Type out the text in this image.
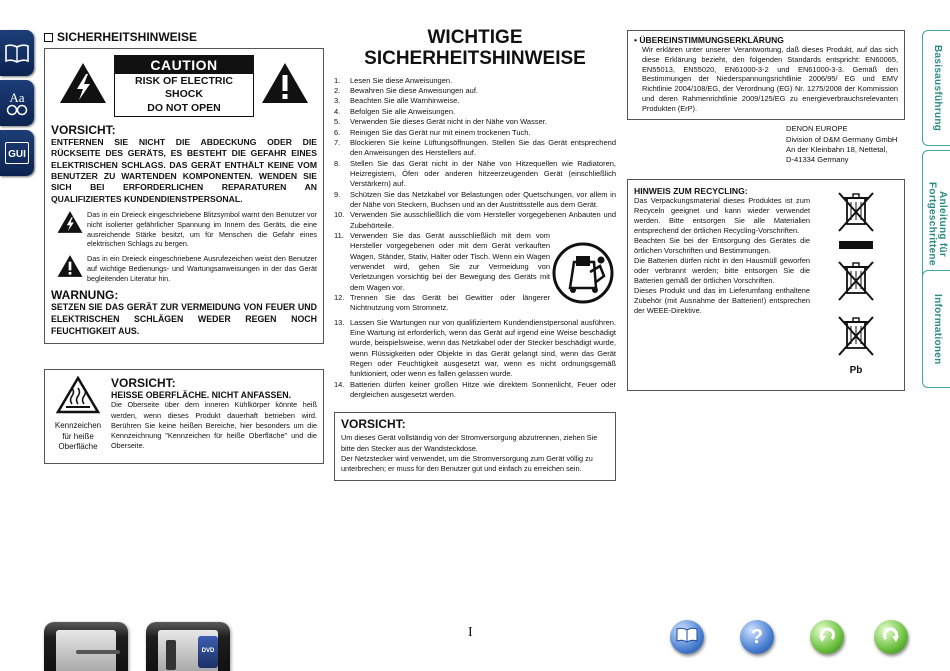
Aa
GUI
Basisausführung
Anleitung für Fortgeschrittene
Informationen
SICHERHEITSHINWEISE
CAUTION
RISK OF ELECTRIC SHOCK
DO NOT OPEN
VORSICHT:
ENTFERNEN SIE NICHT DIE ABDECKUNG ODER DIE RÜCKSEITE DES GERÄTS, ES BESTEHT DIE GEFAHR EINES ELEKTRISCHEN SCHLAGS. DAS GERÄT ENTHÄLT KEINE VOM BENUTZER ZU WARTENDEN KOMPONENTEN. WENDEN SIE SICH BEI ERFORDERLICHEN REPARATUREN AN QUALIFIZIERTES KUNDENDIENSTPERSONAL.

Das in ein Dreieck eingeschriebene Blitzsymbol warnt den Benutzer vor nicht isolierter gefährlicher Spannung im Innern des Geräts, die eine ausreichende Stärke besitzt, um für Menschen die Gefahr eines elektrischen Schlags zu bergen.

Das in ein Dreieck eingeschriebene Ausrufezeichen weist den Benutzer auf wichtige Bedienungs- und Wartungsanweisungen in der das Gerät begleitenden Literatur hin.

WARNUNG:
SETZEN SIE DAS GERÄT ZUR VERMEIDUNG VON FEUER UND ELEKTRISCHEN SCHLÄGEN WEDER REGEN NOCH FEUCHTIGKEIT AUS.
Kennzeichen für heiße Oberfläche
VORSICHT:
HEISSE OBERFLÄCHE. NICHT ANFASSEN.

Die Oberseite über dem inneren Kühlkörper könnte heiß werden, wenn dieses Produkt dauerhaft betrieben wird. Berühren Sie keine heißen Bereiche, hier besonders um die Kennzeichnung "Kennzeichen für heiße Oberfläche" und die Oberseite.

WICHTIGE
SICHERHEITSHINWEISE
1.	Lesen Sie diese Anweisungen.
2.	Bewahren Sie diese Anweisungen auf.
3.	Beachten Sie alle Warnhinweise.
4.	Befolgen Sie alle Anweisungen.
5.	Verwenden Sie dieses Gerät nicht in der Nähe von Wasser.
6.	Reinigen Sie das Gerät nur mit einem trockenen Tuch.
7.	Blockieren Sie keine Lüftungsöffnungen. Stellen Sie das Gerät entsprechend den Anweisungen des Herstellers auf.
8.	Stellen Sie das Gerät nicht in der Nähe von Hitzequellen wie Radiatoren, Heizregistern, Öfen oder anderen hitzeerzeugenden Gerät (einschließlich Verstärkern) auf.
9.	Schützen Sie das Netzkabel vor Belastungen oder Quetschungen, vor allem in der Nähe von Steckern, Buchsen und an der Austrittsstelle aus dem Gerät.
10. Verwenden Sie ausschließlich die vom Hersteller vorgegebenen Anbauten und Zubehörteile.
11. Verwenden Sie das Gerät ausschließlich mit dem vom Hersteller vorgegebenen oder mit dem Gerät verkauften Wagen, Ständer, Stativ, Halter oder Tisch. Wenn ein Wagen verwendet wird, gehen Sie zur Vermeidung von Verletzungen vorsichtig bei der Bewegung des Geräts mit dem Wagen vor.
12. Trennen Sie das Gerät bei Gewitter oder längerer Nichtnutzung vom Stromnetz.
13. Lassen Sie Wartungen nur von qualifiziertem Kundendienstpersonal ausführen. Eine Wartung ist erforderlich, wenn das Gerät auf irgend eine Weise beschädigt wurde, beispielsweise, wenn das Netzkabel oder der Stecker beschädigt wurde, wenn Flüssigkeiten oder Objekte in das Gerät gelangt sind, wenn das Gerät Regen oder Feuchtigkeit ausgesetzt war, wenn es nicht ordnungsgemäß funktioniert, oder wenn es fallen gelassen wurde.
14. Batterien dürfen keiner großen Hitze wie direktem Sonnenlicht, Feuer oder dergleichen ausgesetzt werden.
VORSICHT:

Um dieses Gerät vollständig von der Stromversorgung abzutrennen, ziehen Sie bitte den Stecker aus der Wandsteckdose.

Der Netzstecker wird verwendet, um die Stromversorgung zum Gerät völlig zu unterbrechen; er muss für den Benutzer gut und einfach zu erreichen sein.

• ÜBEREINSTIMMUNGSERKLÄRUNG

Wir erklären unter unserer Verantwortung, daß dieses Produkt, auf das sich diese Erklärung bezieht, den folgenden Standards entspricht: EN60065, EN55013, EN55020, EN61000-3-2 und EN61000-3-3. Gemäß den Bestimmungen der Niederspannungsrichtlinie 2006/95/ EG und EMV Richtlinie 2004/108/EG, der Verordnung (EG) Nr. 1275/2008 der Kommission und deren Rahmenrichtlinie 2009/125/EG zu energieverbrauchsrelevanten Produkten (ErP).

DENON EUROPE
Division of D&M Germany GmbH
An der Kleinbahn 18, Nettetal,
D-41334 Germany
HINWEIS ZUM RECYCLING:

Das Verpackungsmaterial dieses Produktes ist zum Recyceln geeignet und kann wieder verwendet werden. Bitte entsorgen Sie alle Materialien entsprechend der örtlichen Recycling-Vorschriften.

Beachten Sie bei der Entsorgung des Gerätes die örtlichen Vorschriften und Bestimmungen.

Die Batterien dürfen nicht in den Hausmüll geworfen oder verbrannt werden; bitte entsorgen Sie die Batterien gemäß der örtlichen Vorschriften.

Dieses Produkt und das im Lieferumfang enthaltene Zubehör (mit Ausnahme der Batterien!) entsprechen der WEEE-Direktive.

Pb
DVD
I	?
